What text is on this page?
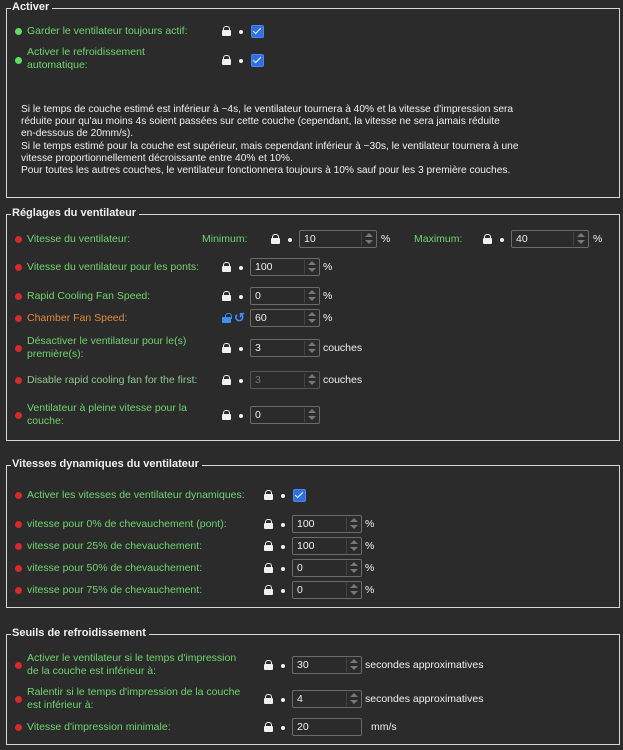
Activer
Garder le ventilateur toujours actif:
Activer le refroidissement
automatique:
Si le temps de couche estimé est inférieur à ~4s, le ventilateur tournera à 40% et la vitesse d'impression sera
réduite pour qu'au moins 4s soient passées sur cette couche (cependant, la vitesse ne sera jamais réduite
en-dessous de 20mm/s).
Si le temps estimé pour la couche est supérieur, mais cependant inférieur à ~30s, le ventilateur tournera à une
vitesse proportionnellement décroissante entre 40% et 10%.
Pour toutes les autres couches, le ventilateur fonctionnera toujours à 10% sauf pour les 3 première couches.
Réglages du ventilateur
Vitesse du ventilateur:	Minimum:	10	% Maximum:	40	%
Vitesse du ventilateur pour les ponts:	100	%
Rapid Cooling Fan Speed:	0	%
Chamber Fan Speed:	↺ 60	%
Désactiver le ventilateur pour le(s)
première(s):	3	couches
Disable rapid cooling fan for the first:	3	couches
Ventilateur à pleine vitesse pour la
couche:	0
Vitesses dynamiques du ventilateur
Activer les vitesses de ventilateur dynamiques:
vitesse pour 0% de chevauchement (pont):	100	%
vitesse pour 25% de chevauchement:	100	%
vitesse pour 50% de chevauchement:	0	%
vitesse pour 75% de chevauchement:	0	%
Seuils de refroidissement
Activer le ventilateur si le temps d'impression
de la couche est inférieur à:	30	secondes approximatives
Ralentir si le temps d'impression de la couche
est inférieur à:	4	secondes approximatives
Vitesse d'impression minimale:	20	mm/s
